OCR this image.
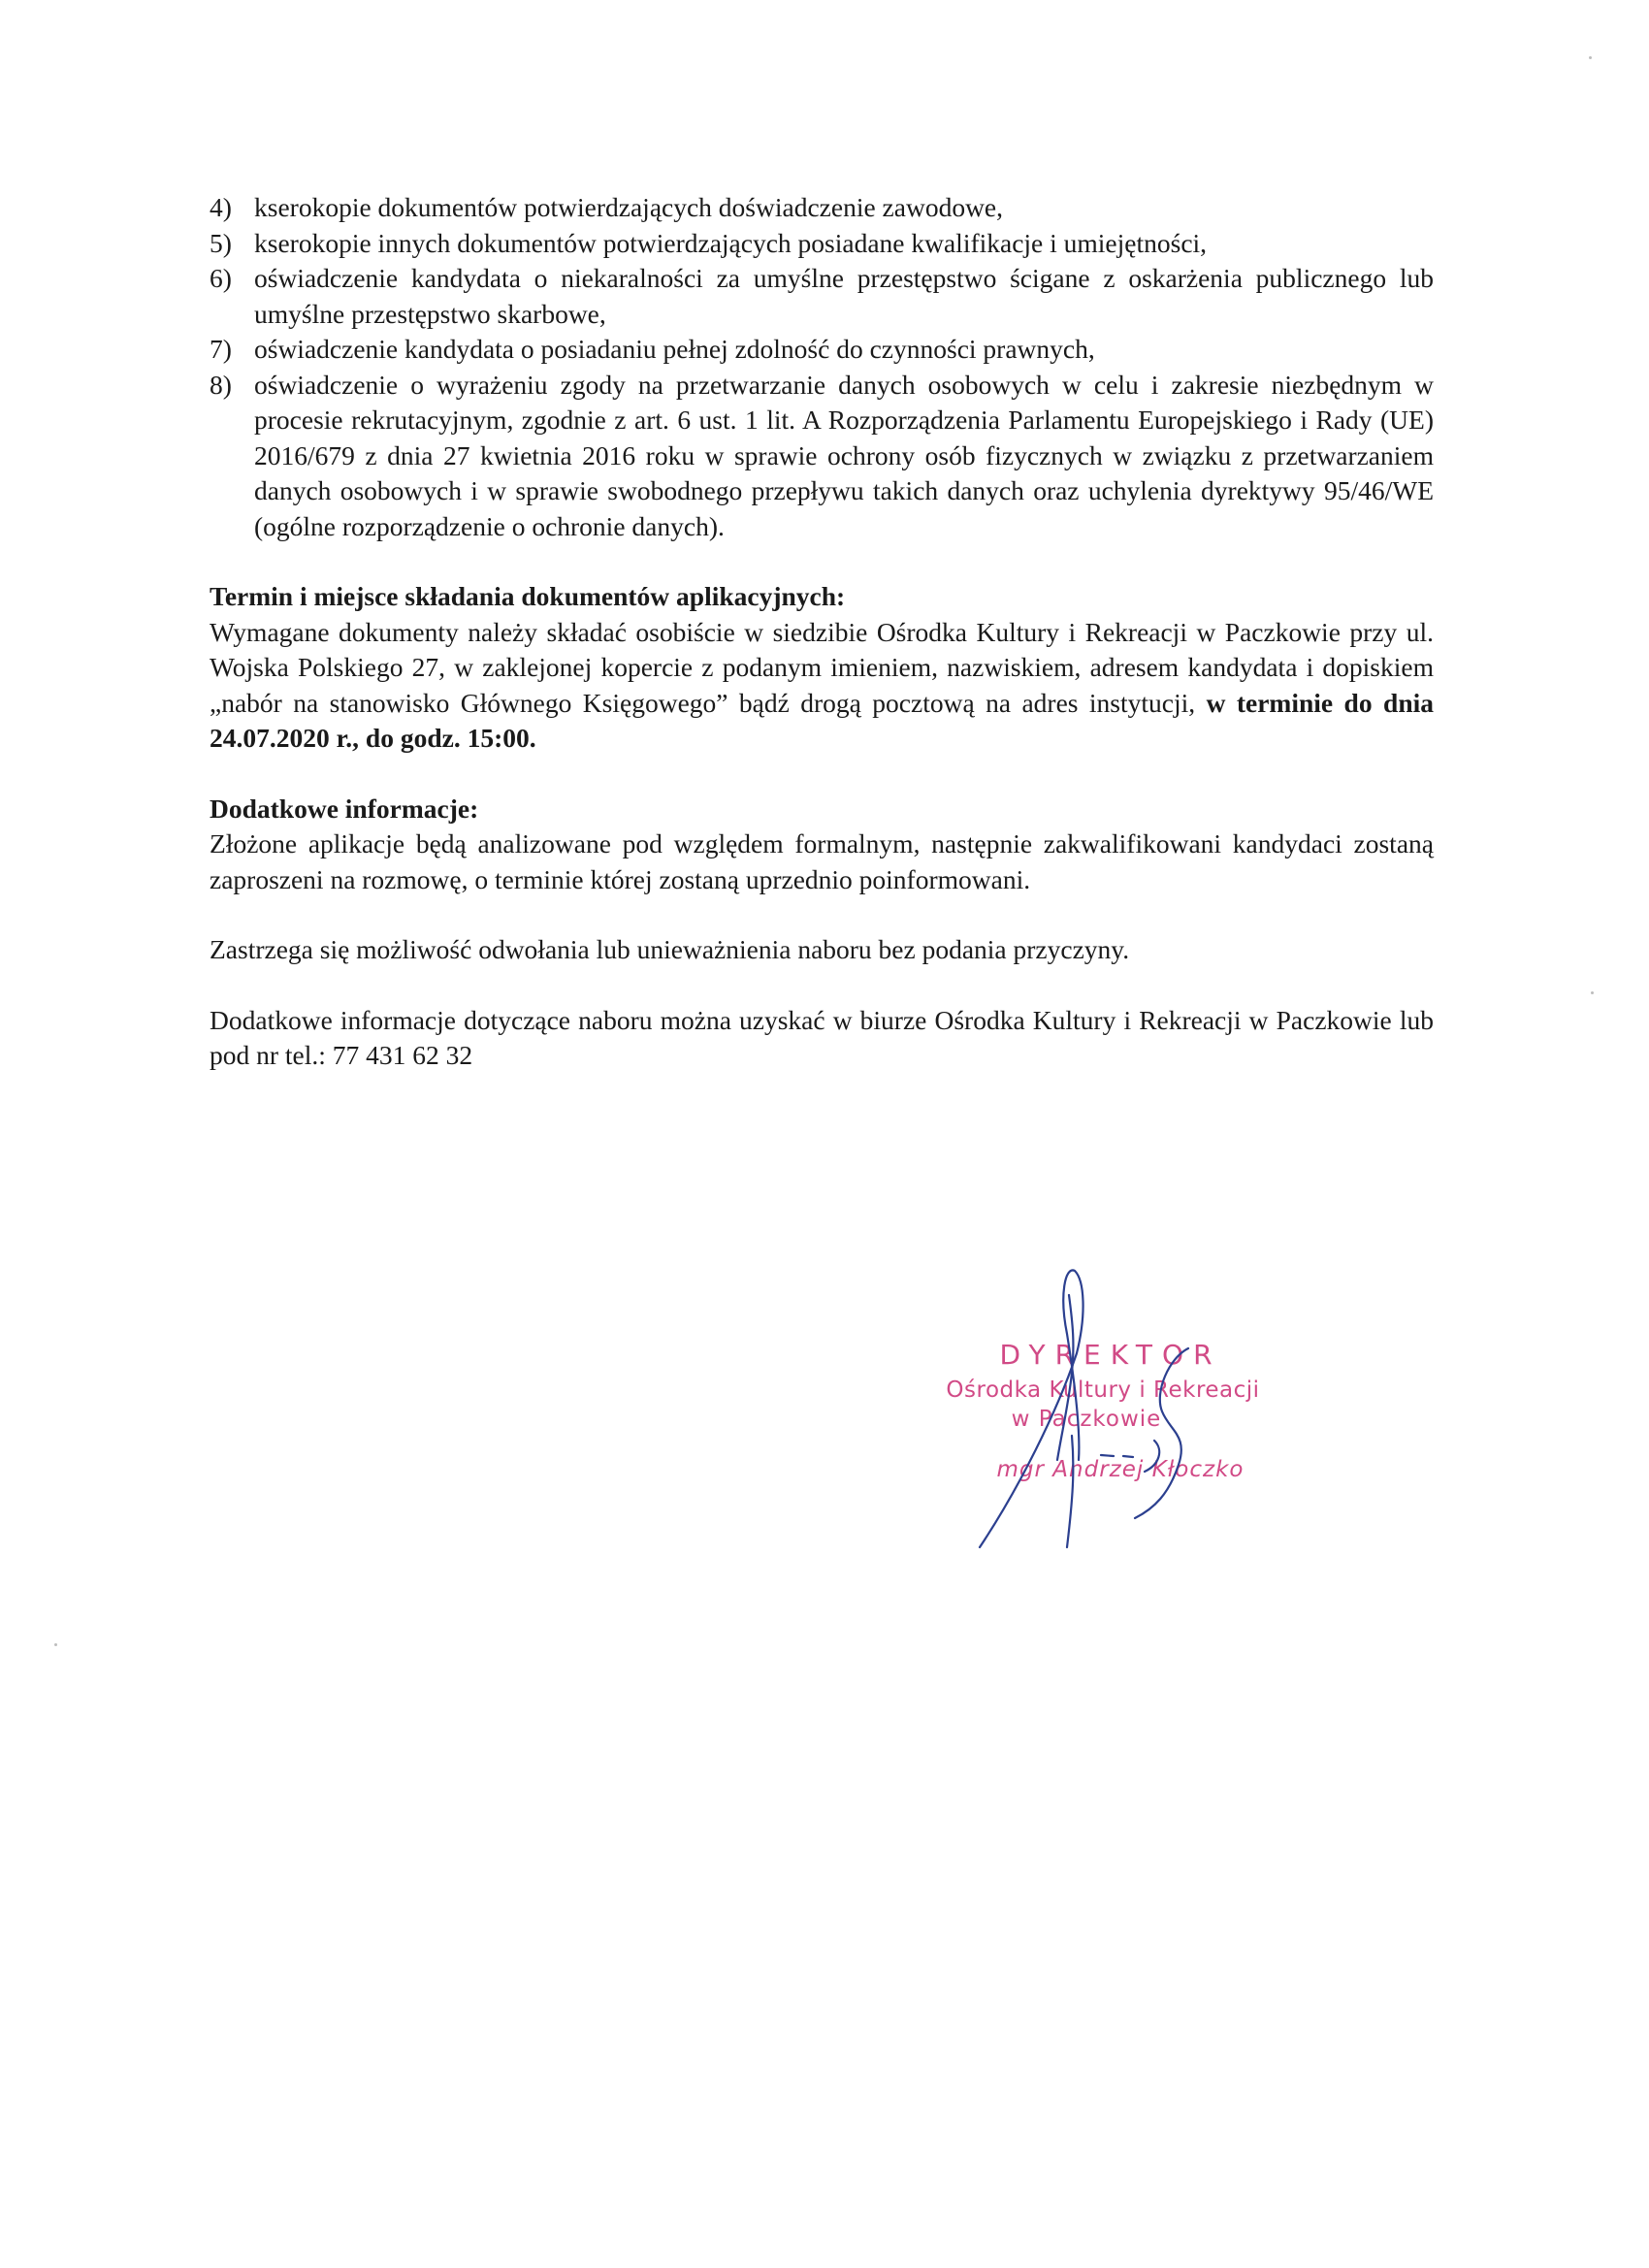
4) kserokopie dokumentów potwierdzających doświadczenie zawodowe,
5) kserokopie innych dokumentów potwierdzających posiadane kwalifikacje i umiejętności,
6) oświadczenie kandydata o niekaralności za umyślne przestępstwo ścigane z oskarżenia publicznego lub umyślne przestępstwo skarbowe,
7) oświadczenie kandydata o posiadaniu pełnej zdolność do czynności prawnych,
8) oświadczenie o wyrażeniu zgody na przetwarzanie danych osobowych w celu i zakresie niezbędnym w procesie rekrutacyjnym, zgodnie z art. 6 ust. 1 lit. A Rozporządzenia Parlamentu Europejskiego i Rady (UE) 2016/679 z dnia 27 kwietnia 2016 roku w sprawie ochrony osób fizycznych w związku z przetwarzaniem danych osobowych i w sprawie swobodnego przepływu takich danych oraz uchylenia dyrektywy 95/46/WE (ogólne rozporządzenie o ochronie danych).
Termin i miejsce składania dokumentów aplikacyjnych:
Wymagane dokumenty należy składać osobiście w siedzibie Ośrodka Kultury i Rekreacji w Paczkowie przy ul. Wojska Polskiego 27, w zaklejonej kopercie z podanym imieniem, nazwiskiem, adresem kandydata i dopiskiem „nabór na stanowisko Głównego Księgowego” bądź drogą pocztową na adres instytucji, w terminie do dnia 24.07.2020 r., do godz. 15:00.
Dodatkowe informacje:
Złożone aplikacje będą analizowane pod względem formalnym, następnie zakwalifikowani kandydaci zostaną zaproszeni na rozmowę, o terminie której zostaną uprzednio poinformowani.
Zastrzega się możliwość odwołania lub unieważnienia naboru bez podania przyczyny.
Dodatkowe informacje dotyczące naboru można uzyskać w biurze Ośrodka Kultury i Rekreacji w Paczkowie lub pod nr tel.: 77 431 62 32
DYREKTOR
Ośrodka Kultury i Rekreacji
w Paczkowie
mgr Andrzej Kłoczko
